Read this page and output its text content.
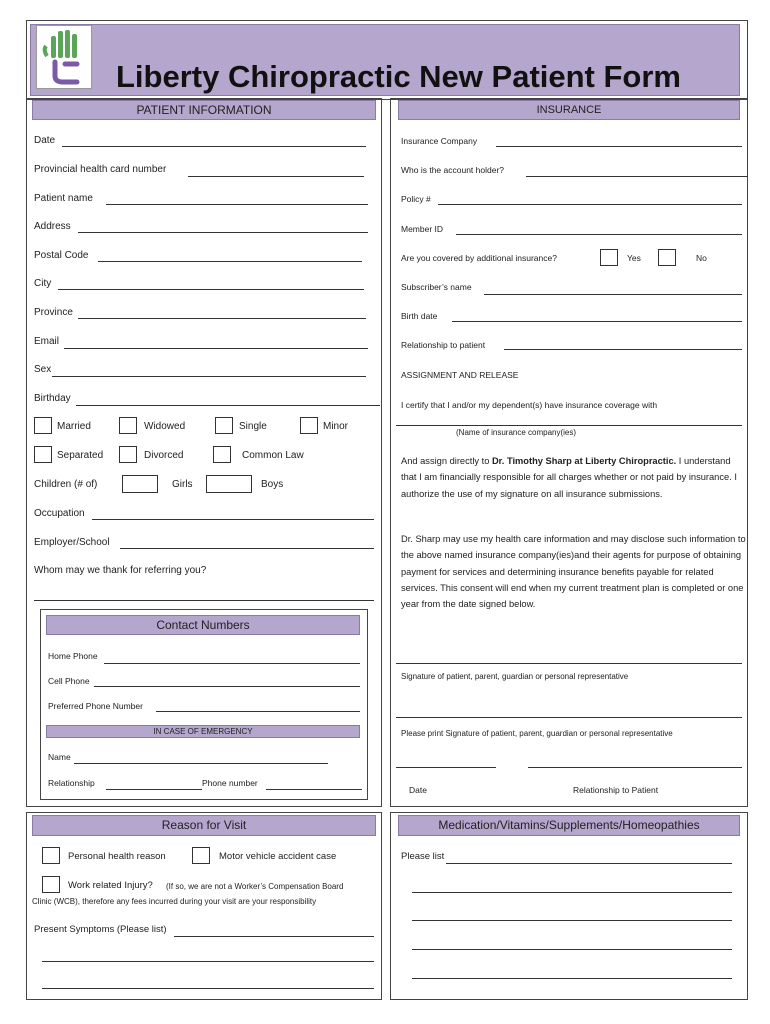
Liberty Chiropractic New Patient Form
PATIENT INFORMATION
Date
Provincial health card number
Patient name
Address
Postal Code
City
Province
Email
Sex
Birthday
Married	Widowed	Single	Minor
Separated	Divorced	Common Law
Children (# of)	Girls	Boys
Occupation
Employer/School
Whom may we thank for referring you?
Contact Numbers
Home Phone
Cell Phone
Preferred Phone Number
IN CASE OF EMERGENCY
Name
Relationship	Phone number
INSURANCE
Insurance Company
Who is the account holder?
Policy #
Member ID
Are you covered by additional insurance?	Yes	No
Subscriber’s name
Birth date
Relationship to patient
ASSIGNMENT AND RELEASE
I certify that I and/or my dependent(s) have insurance coverage with
(Name of insurance company(ies)
And assign directly to Dr. Timothy Sharp at Liberty Chiropractic. I understand that I am financially responsible for all charges whether or not paid by insurance. I authorize the use of my signature on all insurance submissions.
Dr. Sharp may use my health care information and may disclose such information to the above named insurance company(ies)and their agents for purpose of obtaining payment for services and determining insurance benefits payable for related services. This consent will end when my current treatment plan is completed or one year from the date signed below.
Signature of patient, parent, guardian or personal representative
Please print Signature of patient, parent, guardian or personal representative
Date	Relationship to Patient
Reason for Visit
Personal health reason	Motor vehicle accident case
Work related Injury? (If so, we are not a Worker’s Compensation Board
Clinic (WCB), therefore any fees incurred during your visit are your responsibility
Present Symptoms (Please list)
Medication/Vitamins/Supplements/Homeopathies
Please list
